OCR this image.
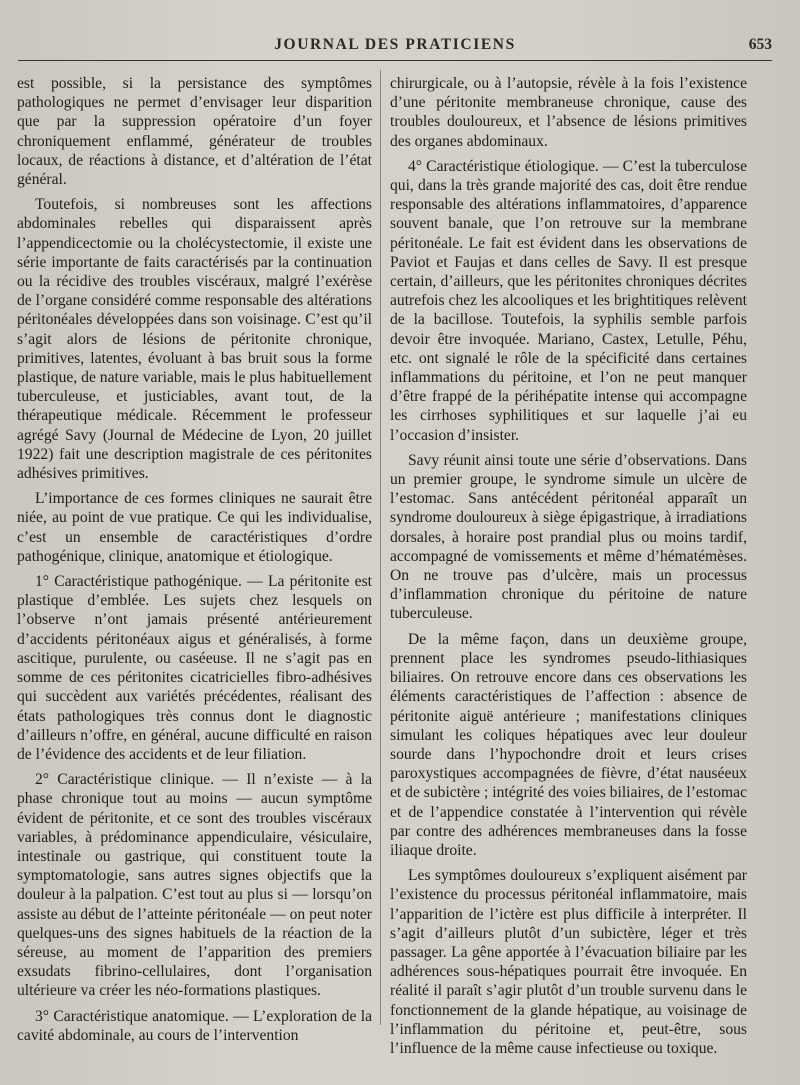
JOURNAL DES PRATICIENS	653

est possible, si la persistance des symptômes pathologiques ne permet d’envisager leur disparition que par la suppression opératoire d’un foyer chroniquement enflammé, générateur de troubles locaux, de réactions à distance, et d’altération de l’état général.

Toutefois, si nombreuses sont les affections abdominales rebelles qui disparaissent après l’appendicectomie ou la cholécystectomie, il existe une série importante de faits caractérisés par la continuation ou la récidive des troubles viscéraux, malgré l’exérèse de l’organe considéré comme responsable des altérations péritonéales développées dans son voisinage. C’est qu’il s’agit alors de lésions de péritonite chronique, primitives, latentes, évoluant à bas bruit sous la forme plastique, de nature variable, mais le plus habituellement tuberculeuse, et justiciables, avant tout, de la thérapeutique médicale. Récemment le professeur agrégé Savy (Journal de Médecine de Lyon, 20 juillet 1922) fait une description magistrale de ces péritonites adhésives primitives.

L’importance de ces formes cliniques ne saurait être niée, au point de vue pratique. Ce qui les individualise, c’est un ensemble de caractéristiques d’ordre pathogénique, clinique, anatomique et étiologique.

1° Caractéristique pathogénique. — La péritonite est plastique d’emblée. Les sujets chez lesquels on l’observe n’ont jamais présenté antérieurement d’accidents péritonéaux aigus et généralisés, à forme ascitique, purulente, ou caséeuse. Il ne s’agit pas en somme de ces péritonites cicatricielles fibro-adhésives qui succèdent aux variétés précédentes, réalisant des états pathologiques très connus dont le diagnostic d’ailleurs n’offre, en général, aucune difficulté en raison de l’évidence des accidents et de leur filiation.

2° Caractéristique clinique. — Il n’existe — à la phase chronique tout au moins — aucun symptôme évident de péritonite, et ce sont des troubles viscéraux variables, à prédominance appendiculaire, vésiculaire, intestinale ou gastrique, qui constituent toute la symptomatologie, sans autres signes objectifs que la douleur à la palpation. C’est tout au plus si — lorsqu’on assiste au début de l’atteinte péritonéale — on peut noter quelques-uns des signes habituels de la réaction de la séreuse, au moment de l’apparition des premiers exsudats fibrino-cellulaires, dont l’organisation ultérieure va créer les néo-formations plastiques.

3° Caractéristique anatomique. — L’exploration de la cavité abdominale, au cours de l’intervention

chirurgicale, ou à l’autopsie, révèle à la fois l’existence d’une péritonite membraneuse chronique, cause des troubles douloureux, et l’absence de lésions primitives des organes abdominaux.

4° Caractéristique étiologique. — C’est la tuberculose qui, dans la très grande majorité des cas, doit être rendue responsable des altérations inflammatoires, d’apparence souvent banale, que l’on retrouve sur la membrane péritonéale. Le fait est évident dans les observations de Paviot et Faujas et dans celles de Savy. Il est presque certain, d’ailleurs, que les péritonites chroniques décrites autrefois chez les alcooliques et les brightitiques relèvent de la bacillose. Toutefois, la syphilis semble parfois devoir être invoquée. Mariano, Castex, Letulle, Péhu, etc. ont signalé le rôle de la spécificité dans certaines inflammations du péritoine, et l’on ne peut manquer d’être frappé de la périhépatite intense qui accompagne les cirrhoses syphilitiques et sur laquelle j’ai eu l’occasion d’insister.

Savy réunit ainsi toute une série d’observations. Dans un premier groupe, le syndrome simule un ulcère de l’estomac. Sans antécédent péritonéal apparaît un syndrome douloureux à siège épigastrique, à irradiations dorsales, à horaire post prandial plus ou moins tardif, accompagné de vomissements et même d’hématémèses. On ne trouve pas d’ulcère, mais un processus d’inflammation chronique du péritoine de nature tuberculeuse.

De la même façon, dans un deuxième groupe, prennent place les syndromes pseudo-lithiasiques biliaires. On retrouve encore dans ces observations les éléments caractéristiques de l’affection : absence de péritonite aiguë antérieure ; manifestations cliniques simulant les coliques hépatiques avec leur douleur sourde dans l’hypochondre droit et leurs crises paroxystiques accompagnées de fièvre, d’état nauséeux et de subictère ; intégrité des voies biliaires, de l’estomac et de l’appendice constatée à l’intervention qui révèle par contre des adhérences membraneuses dans la fosse iliaque droite.

Les symptômes douloureux s’expliquent aisément par l’existence du processus péritonéal inflammatoire, mais l’apparition de l’ictère est plus difficile à interpréter. Il s’agit d’ailleurs plutôt d’un subictère, léger et très passager. La gêne apportée à l’évacuation biliaire par les adhérences sous-hépatiques pourrait être invoquée. En réalité il paraît s’agir plutôt d’un trouble survenu dans le fonctionnement de la glande hépatique, au voisinage de l’inflammation du péritoine et, peut-être, sous l’influence de la même cause infectieuse ou toxique.
